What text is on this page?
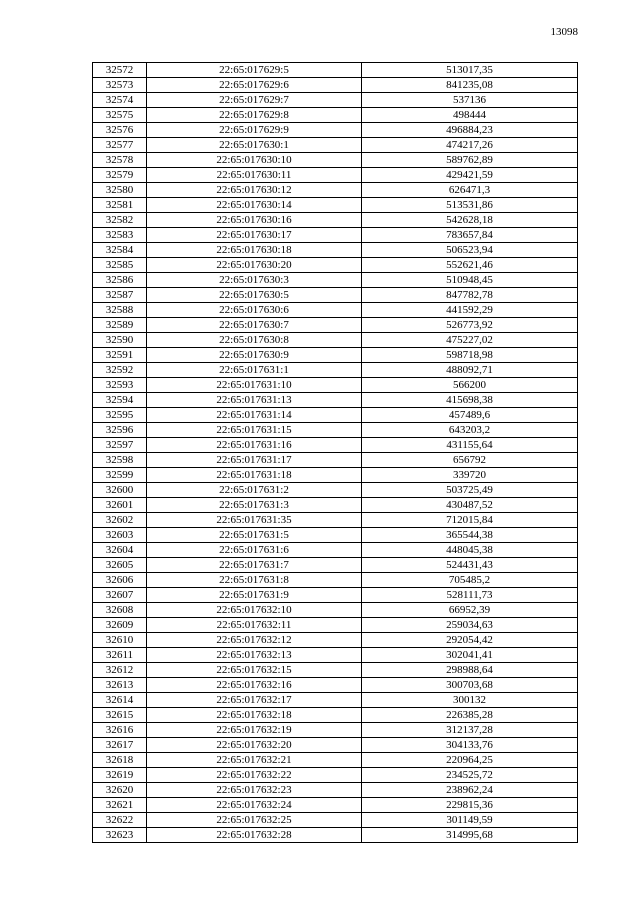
13098
32572	22:65:017629:5	513017,35
32573	22:65:017629:6	841235,08
32574	22:65:017629:7	537136
32575	22:65:017629:8	498444
32576	22:65:017629:9	496884,23
32577	22:65:017630:1	474217,26
32578	22:65:017630:10	589762,89
32579	22:65:017630:11	429421,59
32580	22:65:017630:12	626471,3
32581	22:65:017630:14	513531,86
32582	22:65:017630:16	542628,18
32583	22:65:017630:17	783657,84
32584	22:65:017630:18	506523,94
32585	22:65:017630:20	552621,46
32586	22:65:017630:3	510948,45
32587	22:65:017630:5	847782,78
32588	22:65:017630:6	441592,29
32589	22:65:017630:7	526773,92
32590	22:65:017630:8	475227,02
32591	22:65:017630:9	598718,98
32592	22:65:017631:1	488092,71
32593	22:65:017631:10	566200
32594	22:65:017631:13	415698,38
32595	22:65:017631:14	457489,6
32596	22:65:017631:15	643203,2
32597	22:65:017631:16	431155,64
32598	22:65:017631:17	656792
32599	22:65:017631:18	339720
32600	22:65:017631:2	503725,49
32601	22:65:017631:3	430487,52
32602	22:65:017631:35	712015,84
32603	22:65:017631:5	365544,38
32604	22:65:017631:6	448045,38
32605	22:65:017631:7	524431,43
32606	22:65:017631:8	705485,2
32607	22:65:017631:9	528111,73
32608	22:65:017632:10	66952,39
32609	22:65:017632:11	259034,63
32610	22:65:017632:12	292054,42
32611	22:65:017632:13	302041,41
32612	22:65:017632:15	298988,64
32613	22:65:017632:16	300703,68
32614	22:65:017632:17	300132
32615	22:65:017632:18	226385,28
32616	22:65:017632:19	312137,28
32617	22:65:017632:20	304133,76
32618	22:65:017632:21	220964,25
32619	22:65:017632:22	234525,72
32620	22:65:017632:23	238962,24
32621	22:65:017632:24	229815,36
32622	22:65:017632:25	301149,59
32623	22:65:017632:28	314995,68
